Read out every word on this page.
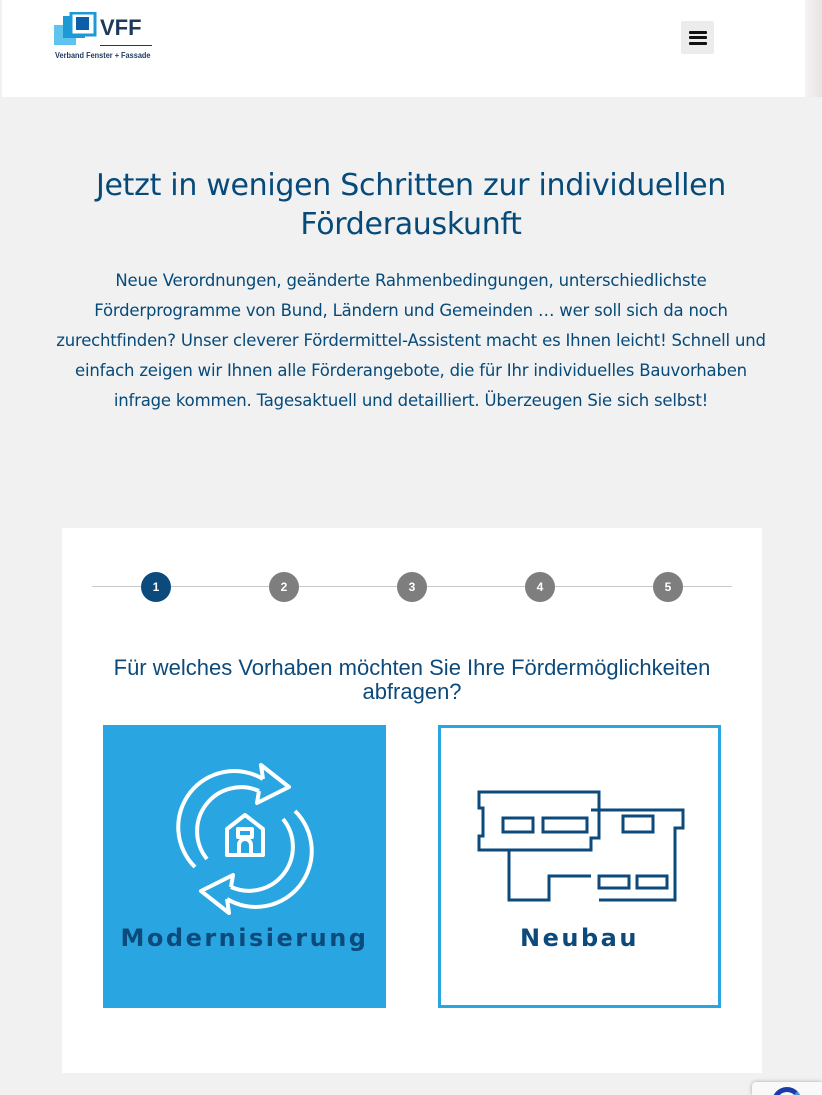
VFF
Verband Fenster + Fassade
Jetzt in wenigen Schritten zur individuellen Förderauskunft

Neue Verordnungen, geänderte Rahmenbedingungen, unterschiedlichste Förderprogramme von Bund, Ländern und Gemeinden … wer soll sich da noch zurechtfinden? Unser cleverer Fördermittel-Assistent macht es Ihnen leicht! Schnell und einfach zeigen wir Ihnen alle Förderangebote, die für Ihr individuelles Bauvorhaben infrage kommen. Tagesaktuell und detailliert. Überzeugen Sie sich selbst!

1	2	3	4	5

Für welches Vorhaben möchten Sie Ihre Fördermöglichkeiten abfragen?

Modernisierung	Neubau
